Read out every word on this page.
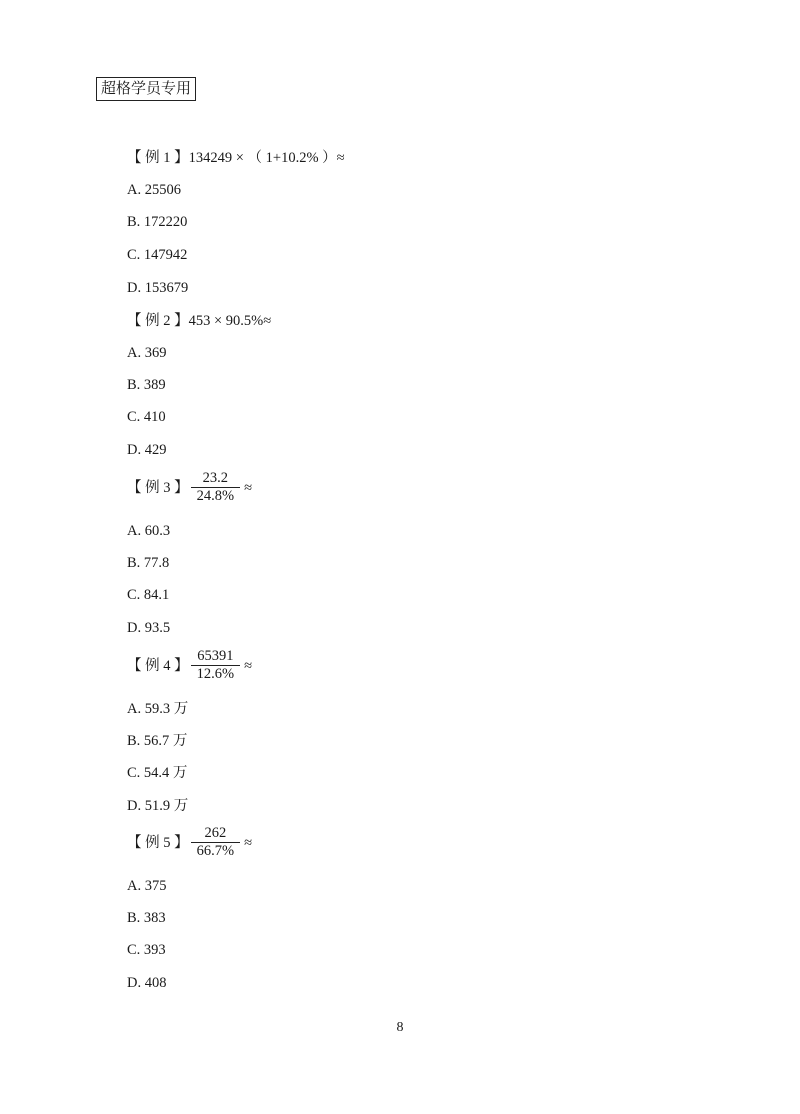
超格学员专用
【 例 1 】134249 × （ 1+10.2% ）≈
A. 25506
B. 172220
C. 147942
D. 153679
【 例 2 】453 × 90.5%≈
A. 369
B. 389
C. 410
D. 429
【 例 3 】 $\frac{23.2}{24.8\%}$ ≈
A. 60.3
B. 77.8
C. 84.1
D. 93.5
【 例 4 】 $\frac{65391}{12.6\%}$ ≈
A. 59.3 万
B. 56.7 万
C. 54.4 万
D. 51.9 万
【 例 5 】 $\frac{262}{66.7\%}$ ≈
A. 375
B. 383
C. 393
D. 408
8
